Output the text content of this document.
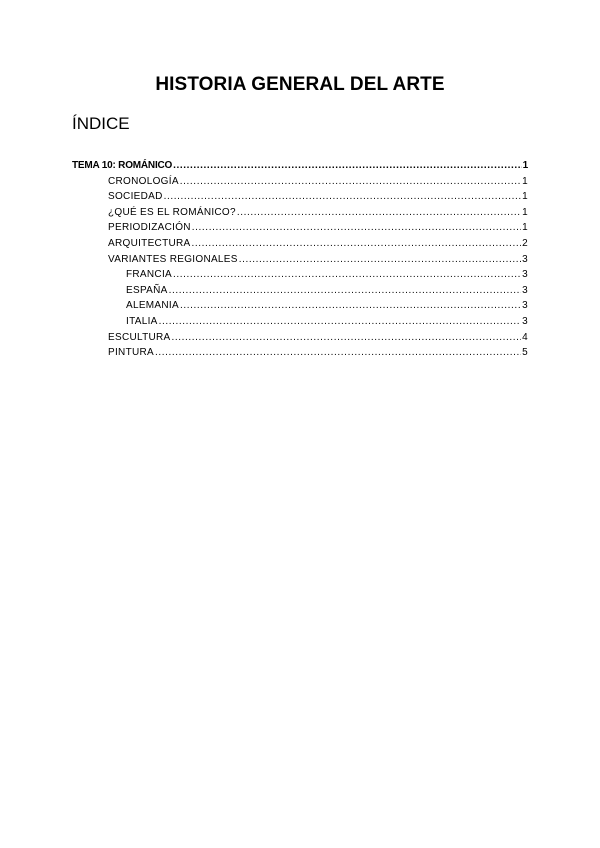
HISTORIA GENERAL DEL ARTE
ÍNDICE
TEMA 10: ROMÁNICO .....	1
CRONOLOGÍA .....	1
SOCIEDAD .....	1
¿QUÉ ES EL ROMÁNICO? .....	1
PERIODIZACIÓN .....	1
ARQUITECTURA .....	2
VARIANTES REGIONALES .....	3
FRANCIA .....	3
ESPAÑA .....	3
ALEMANIA .....	3
ITALIA .....	3
ESCULTURA .....	4
PINTURA .....	5
